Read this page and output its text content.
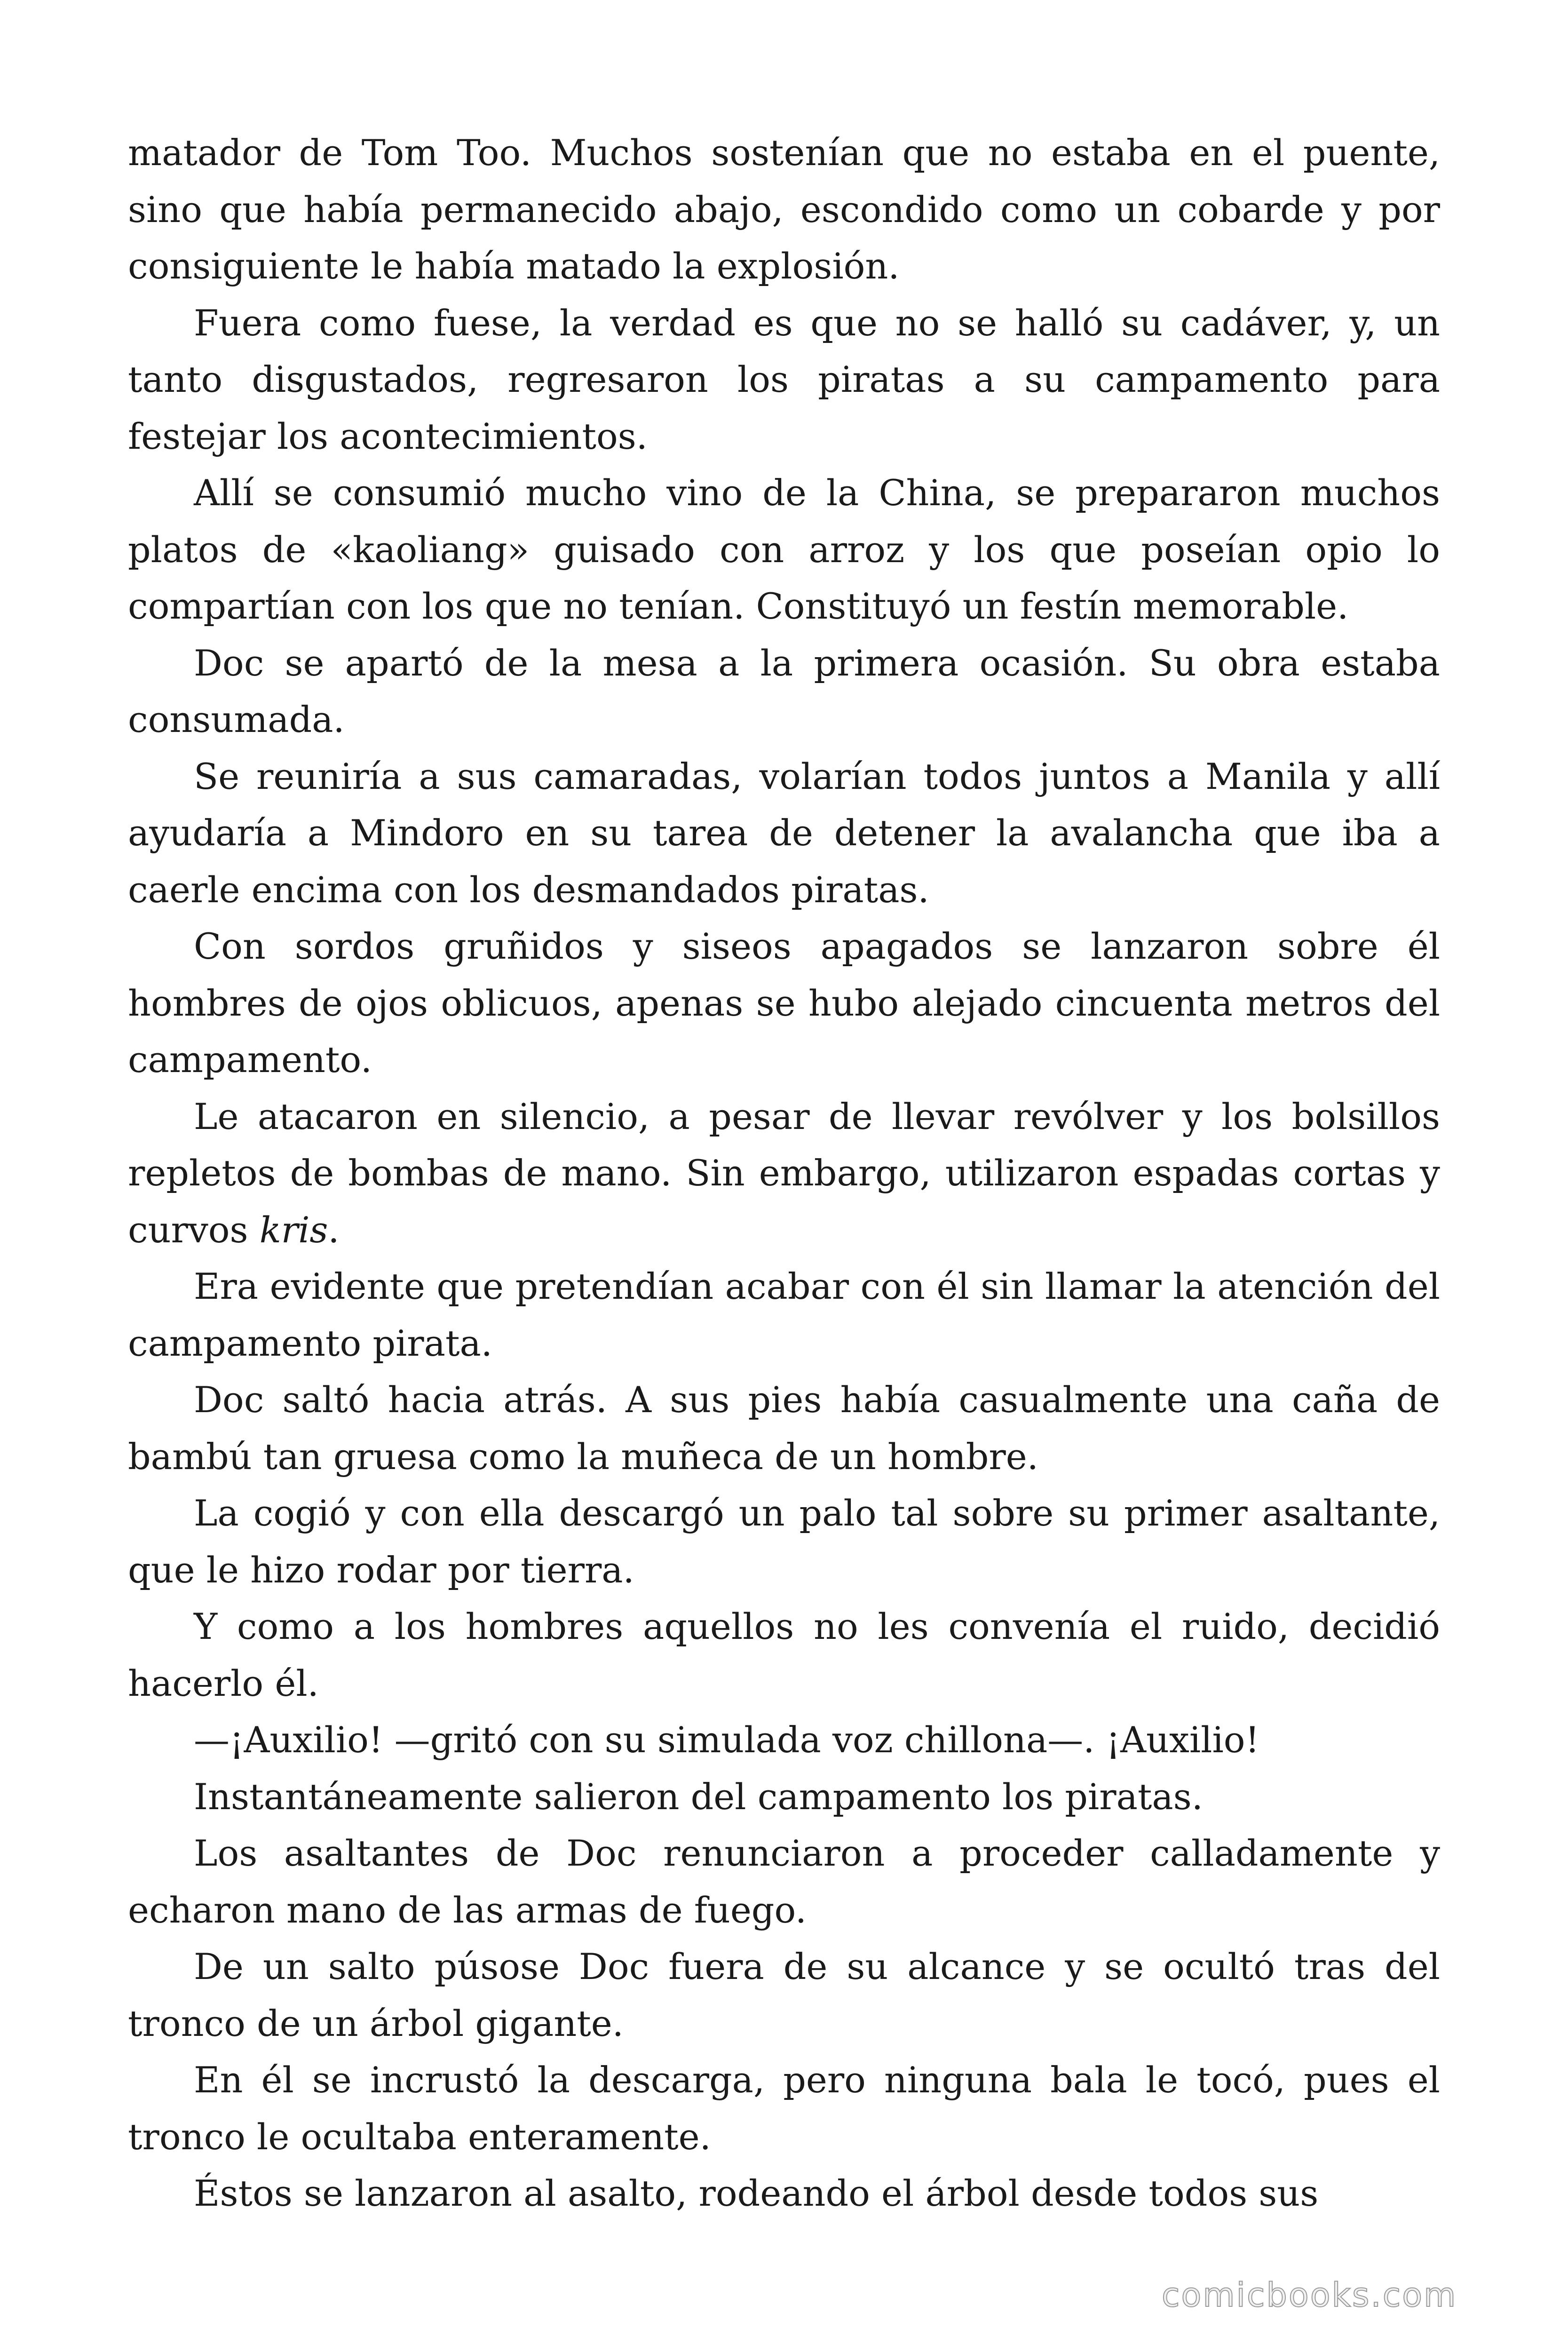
matador de Tom Too. Muchos sostenían que no estaba en el puente, sino que había permanecido abajo, escondido como un cobarde y por consiguiente le había matado la explosión.

Fuera como fuese, la verdad es que no se halló su cadáver, y, un tanto disgustados, regresaron los piratas a su campamento para festejar los acontecimientos.

Allí se consumió mucho vino de la China, se prepararon muchos platos de «kaoliang» guisado con arroz y los que poseían opio lo compartían con los que no tenían. Constituyó un festín memorable.

Doc se apartó de la mesa a la primera ocasión. Su obra estaba consumada.

Se reuniría a sus camaradas, volarían todos juntos a Manila y allí ayudaría a Mindoro en su tarea de detener la avalancha que iba a caerle encima con los desmandados piratas.

Con sordos gruñidos y siseos apagados se lanzaron sobre él hombres de ojos oblicuos, apenas se hubo alejado cincuenta metros del campamento.

Le atacaron en silencio, a pesar de llevar revólver y los bolsillos repletos de bombas de mano. Sin embargo, utilizaron espadas cortas y curvos kris.

Era evidente que pretendían acabar con él sin llamar la atención del campamento pirata.

Doc saltó hacia atrás. A sus pies había casualmente una caña de bambú tan gruesa como la muñeca de un hombre.

La cogió y con ella descargó un palo tal sobre su primer asaltante, que le hizo rodar por tierra.

Y como a los hombres aquellos no les convenía el ruido, decidió hacerlo él.

—¡Auxilio! —gritó con su simulada voz chillona—. ¡Auxilio!

Instantáneamente salieron del campamento los piratas.

Los asaltantes de Doc renunciaron a proceder calladamente y echaron mano de las armas de fuego.

De un salto púsose Doc fuera de su alcance y se ocultó tras del tronco de un árbol gigante.

En él se incrustó la descarga, pero ninguna bala le tocó, pues el tronco le ocultaba enteramente.

Éstos se lanzaron al asalto, rodeando el árbol desde todos sus

comicbooks.com
